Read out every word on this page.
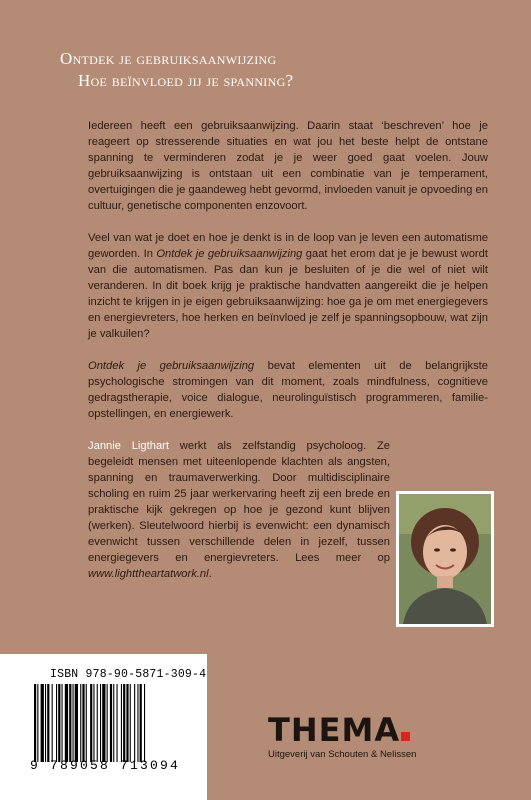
Ontdek je gebruiksaanwijzing
Hoe beïnvloed jij je spanning?

Iedereen heeft een gebruiksaanwijzing. Daarin staat ‘beschreven’ hoe je reageert op stresserende situaties en wat jou het beste helpt de ontstane spanning te verminderen zodat je je weer goed gaat voelen. Jouw gebruiksaanwijzing is ontstaan uit een combinatie van je temperament, overtuigingen die je gaandeweg hebt gevormd, invloeden vanuit je opvoeding en cultuur, genetische componenten enzovoort.

Veel van wat je doet en hoe je denkt is in de loop van je leven een automatisme geworden. In Ontdek je gebruiksaanwijzing gaat het erom dat je je bewust wordt van die automatismen. Pas dan kun je besluiten of je die wel of niet wilt veranderen. In dit boek krijg je praktische handvatten aangereikt die je helpen inzicht te krijgen in je eigen gebruiksaanwijzing: hoe ga je om met energiegevers en energievreters, hoe herken en beïnvloed je zelf je spanningsopbouw, wat zijn je valkuilen?

Ontdek je gebruiksaanwijzing bevat elementen uit de belangrijkste psychologische stromingen van dit moment, zoals mindfulness, cognitieve gedragstherapie, voice dialogue, neurolinguïstisch programmeren, familie-opstellingen, en energiewerk.

Jannie Ligthart werkt als zelfstandig psycholoog. Ze begeleidt mensen met uiteenlopende klachten als angsten, spanning en traumaverwerking. Door multidisciplinaire scholing en ruim 25 jaar werkervaring heeft zij een brede en praktische kijk gekregen op hoe je gezond kunt blijven (werken). Sleutelwoord hierbij is evenwicht: een dynamisch evenwicht tussen verschillende delen in jezelf, tussen energiegevers en energievreters. Lees meer op www.lighttheartatwork.nl.

ISBN 978-90-5871-309-4
9 789058 713094
THEMA
Uitgeverij van Schouten & Nelissen
